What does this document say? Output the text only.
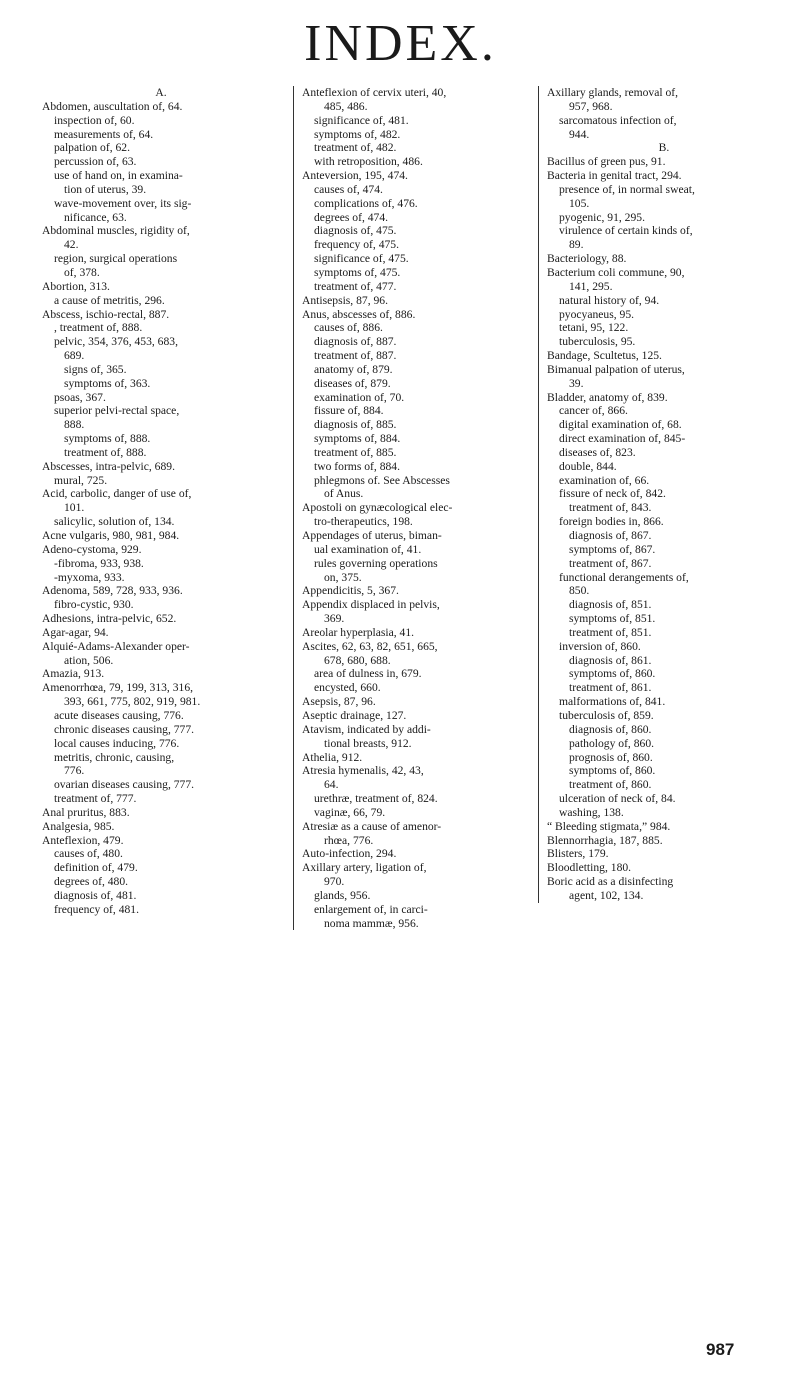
INDEX.
A.
Abdomen, auscultation of, 64.
inspection of, 60.
measurements of, 64.
palpation of, 62.
percussion of, 63.
use of hand on, in examina-
tion of uterus, 39.
wave-movement over, its sig-
nificance, 63.
Abdominal muscles, rigidity of,
42.
region, surgical operations
of, 378.
Abortion, 313.
a cause of metritis, 296.
Abscess, ischio-rectal, 887.
, treatment of, 888.
pelvic, 354, 376, 453, 683,
689.
signs of, 365.
symptoms of, 363.
psoas, 367.
superior pelvi-rectal space,
888.
symptoms of, 888.
treatment of, 888.
Abscesses, intra-pelvic, 689.
mural, 725.
Acid, carbolic, danger of use of,
101.
salicylic, solution of, 134.
Acne vulgaris, 980, 981, 984.
Adeno-cystoma, 929.
-fibroma, 933, 938.
-myxoma, 933.
Adenoma, 589, 728, 933, 936.
fibro-cystic, 930.
Adhesions, intra-pelvic, 652.
Agar-agar, 94.
Alquié-Adams-Alexander oper-
ation, 506.
Amazia, 913.
Amenorrhœa, 79, 199, 313, 316,
393, 661, 775, 802, 919, 981.
acute diseases causing, 776.
chronic diseases causing, 777.
local causes inducing, 776.
metritis, chronic, causing,
776.
ovarian diseases causing, 777.
treatment of, 777.
Anal pruritus, 883.
Analgesia, 985.
Anteflexion, 479.
causes of, 480.
definition of, 479.
degrees of, 480.
diagnosis of, 481.
frequency of, 481.
Anteflexion of cervix uteri, 40,
485, 486.
significance of, 481.
symptoms of, 482.
treatment of, 482.
with retroposition, 486.
Anteversion, 195, 474.
causes of, 474.
complications of, 476.
degrees of, 474.
diagnosis of, 475.
frequency of, 475.
significance of, 475.
symptoms of, 475.
treatment of, 477.
Antisepsis, 87, 96.
Anus, abscesses of, 886.
causes of, 886.
diagnosis of, 887.
treatment of, 887.
anatomy of, 879.
diseases of, 879.
examination of, 70.
fissure of, 884.
diagnosis of, 885.
symptoms of, 884.
treatment of, 885.
two forms of, 884.
phlegmons of. See Abscesses
of Anus.
Apostoli on gynæcological elec-
tro-therapeutics, 198.
Appendages of uterus, biman-
ual examination of, 41.
rules governing operations
on, 375.
Appendicitis, 5, 367.
Appendix displaced in pelvis,
369.
Areolar hyperplasia, 41.
Ascites, 62, 63, 82, 651, 665,
678, 680, 688.
area of dulness in, 679.
encysted, 660.
Asepsis, 87, 96.
Aseptic drainage, 127.
Atavism, indicated by addi-
tional breasts, 912.
Athelia, 912.
Atresia hymenalis, 42, 43,
64.
urethræ, treatment of, 824.
vaginæ, 66, 79.
Atresiæ as a cause of amenor-
rhœa, 776.
Auto-infection, 294.
Axillary artery, ligation of,
970.
glands, 956.
enlargement of, in carci-
noma mammæ, 956.
Axillary glands, removal of,
957, 968.
sarcomatous infection of,
944.
B.
Bacillus of green pus, 91.
Bacteria in genital tract, 294.
presence of, in normal sweat,
105.
pyogenic, 91, 295.
virulence of certain kinds of,
89.
Bacteriology, 88.
Bacterium coli commune, 90,
141, 295.
natural history of, 94.
pyocyaneus, 95.
tetani, 95, 122.
tuberculosis, 95.
Bandage, Scultetus, 125.
Bimanual palpation of uterus,
39.
Bladder, anatomy of, 839.
cancer of, 866.
digital examination of, 68.
direct examination of, 845-
diseases of, 823.
double, 844.
examination of, 66.
fissure of neck of, 842.
treatment of, 843.
foreign bodies in, 866.
diagnosis of, 867.
symptoms of, 867.
treatment of, 867.
functional derangements of,
850.
diagnosis of, 851.
symptoms of, 851.
treatment of, 851.
inversion of, 860.
diagnosis of, 861.
symptoms of, 860.
treatment of, 861.
malformations of, 841.
tuberculosis of, 859.
diagnosis of, 860.
pathology of, 860.
prognosis of, 860.
symptoms of, 860.
treatment of, 860.
ulceration of neck of, 84.
washing, 138.
“ Bleeding stigmata,” 984.
Blennorrhagia, 187, 885.
Blisters, 179.
Bloodletting, 180.
Boric acid as a disinfecting
agent, 102, 134.
987
